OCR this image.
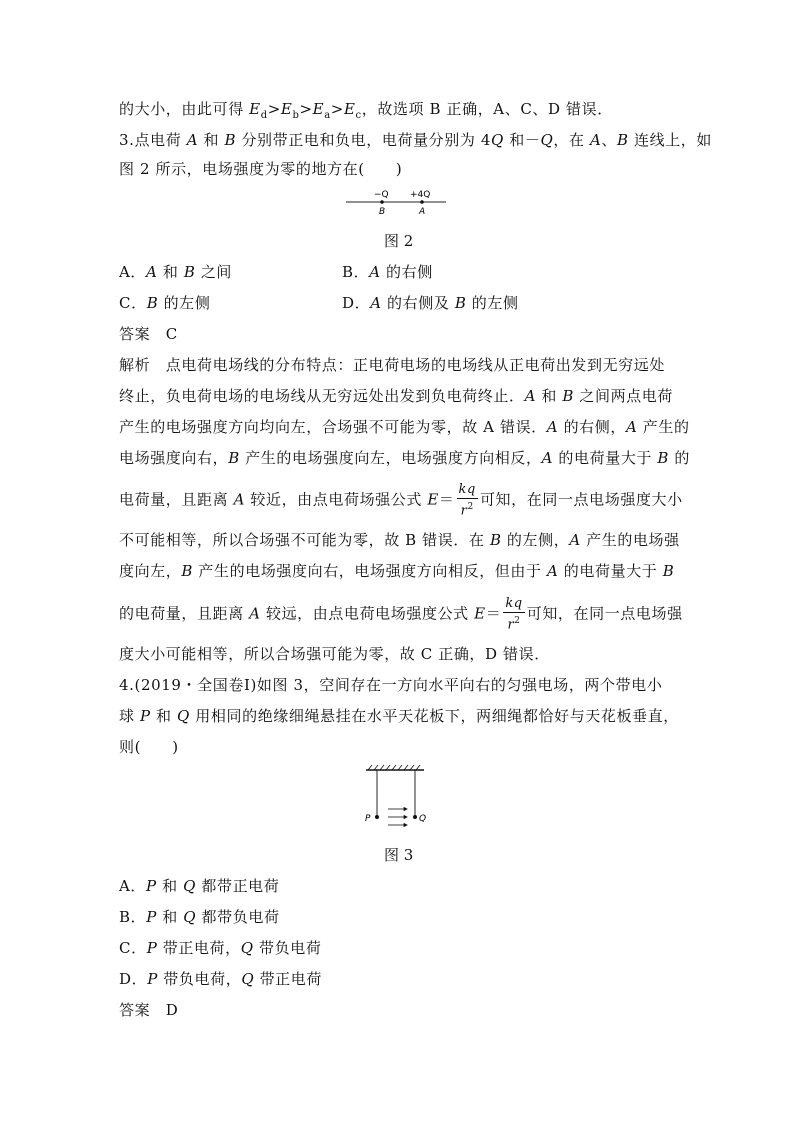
的大小，由此可得 $E_d>E_b>E_a>E_c$，故选项 B 正确，A、C、D 错误．
3.点电荷 A 和 B 分别带正电和负电，电荷量分别为 4Q 和－Q，在 A、B 连线上，如
图 2 所示，电场强度为零的地方在(　　)
−Q +4Q
B	A
图 2
A．A 和 B 之间	B．A 的右侧
C．B 的左侧	D．A 的右侧及 B 的左侧
答案　C
解析　点电荷电场线的分布特点：正电荷电场的电场线从正电荷出发到无穷远处
终止，负电荷电场的电场线从无穷远处出发到负电荷终止．A 和 B 之间两点电荷
产生的电场强度方向均向左，合场强不可能为零，故 A 错误．A 的右侧，A 产生的
电场强度向右，B 产生的电场强度向左，电场强度方向相反，A 的电荷量大于 B 的
电荷量，且距离 A 较近，由点电荷场强公式 $E= \frac{kq}{r^2}$ 可知，在同一点电场强度大小
不可能相等，所以合场强不可能为零，故 B 错误．在 B 的左侧，A 产生的电场强
度向左，B 产生的电场强度向右，电场强度方向相反，但由于 A 的电荷量大于 B
的电荷量，且距离 A 较远，由点电荷电场强度公式 $E= \frac{kq}{r^2}$ 可知，在同一点电场强
度大小可能相等，所以合场强可能为零，故 C 正确，D 错误．
4.(2019・全国卷Ⅰ)如图 3，空间存在一方向水平向右的匀强电场，两个带电小
球 P 和 Q 用相同的绝缘细绳悬挂在水平天花板下，两细绳都恰好与天花板垂直，
则(　　)
P	Q
图 3
A．P 和 Q 都带正电荷
B．P 和 Q 都带负电荷
C．P 带正电荷，Q 带负电荷
D．P 带负电荷，Q 带正电荷
答案　D
